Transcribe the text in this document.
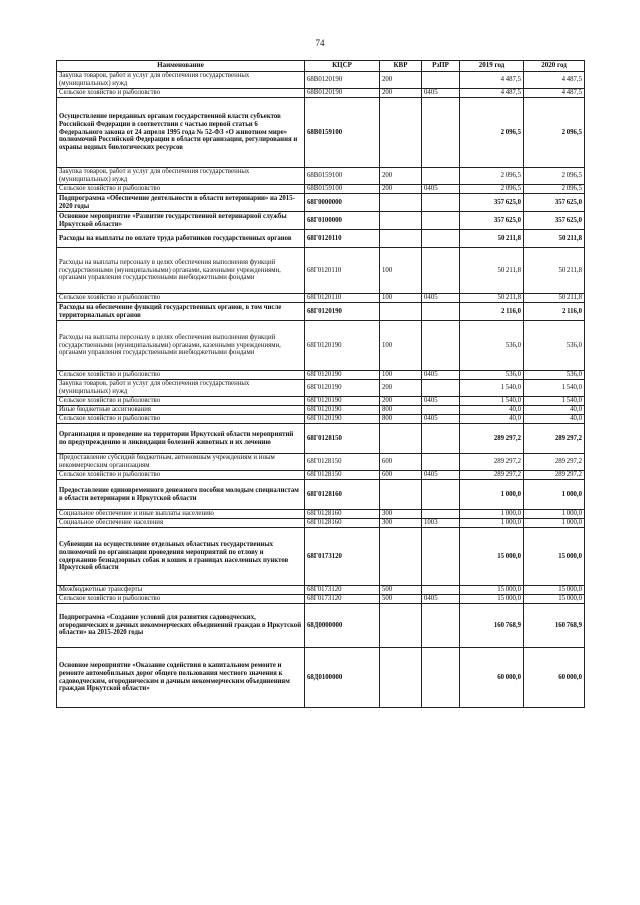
74
Наименование	КЦСР	КВР	РзПР	2019 год	2020 год
Закупка товаров, работ и услуг для обеспечения государственных (муниципальных) нужд	68В0120190	200		4 487,5	4 487,5
Сельское хозяйство и рыболовство	68В0120190	200	0405	4 487,5	4 487,5
Осуществление переданных органам государственной власти субъектов Российской Федерации в соответствии с частью первой статьи 6 Федерального закона от 24 апреля 1995 года № 52-ФЗ «О животном мире» полномочий Российской Федерации в области организации, регулирования и охраны водных биологических ресурсов	68В0159100			2 096,5	2 096,5
Закупка товаров, работ и услуг для обеспечения государственных (муниципальных) нужд	68В0159100	200		2 096,5	2 096,5
Сельское хозяйство и рыболовство	68В0159100	200	0405	2 096,5	2 096,5
Подпрограмма «Обеспечение деятельности в области ветеринарии» на 2015-2020 годы	68Г0000000			357 625,0	357 625,0
Основное мероприятие «Развитие государственной ветеринарной службы Иркутской области»	68Г0100000			357 625,0	357 625,0
Расходы на выплаты по оплате труда работников государственных органов	68Г0120110			50 211,8	50 211,8
Расходы на выплаты персоналу в целях обеспечения выполнения функций государственными (муниципальными) органами, казенными учреждениями, органами управления государственными внебюджетными фондами	68Г0120110	100		50 211,8	50 211,8
Сельское хозяйство и рыболовство	68Г0120110	100	0405	50 211,8	50 211,8
Расходы на обеспечение функций государственных органов, в том числе территориальных органов	68Г0120190			2 116,0	2 116,0
Расходы на выплаты персоналу в целях обеспечения выполнения функций государственными (муниципальными) органами, казенными учреждениями, органами управления государственными внебюджетными фондами	68Г0120190	100		536,0	536,0
Сельское хозяйство и рыболовство	68Г0120190	100	0405	536,0	536,0
Закупка товаров, работ и услуг для обеспечения государственных (муниципальных) нужд	68Г0120190	200		1 540,0	1 540,0
Сельское хозяйство и рыболовство	68Г0120190	200	0405	1 540,0	1 540,0
Иные бюджетные ассигнования	68Г0120190	800		40,0	40,0
Сельское хозяйство и рыболовство	68Г0120190	800	0405	40,0	40,0
Организация и проведение на территории Иркутской области мероприятий по предупреждению и ликвидации болезней животных и их лечению	68Г0128150			289 297,2	289 297,2
Предоставление субсидий бюджетным, автономным учреждениям и иным некоммерческим организациям	68Г0128150	600		289 297,2	289 297,2
Сельское хозяйство и рыболовство	68Г0128150	600	0405	289 297,2	289 297,2
Предоставление единовременного денежного пособия молодым специалистам в области ветеринарии в Иркутской области	68Г0128160			1 000,0	1 000,0
Социальное обеспечение и иные выплаты населению	68Г0128160	300		1 000,0	1 000,0
Социальное обеспечение населения	68Г0128160	300	1003	1 000,0	1 000,0
Субвенции на осуществление отдельных областных государственных полномочий по организации проведения мероприятий по отлову и содержанию безнадзорных собак и кошек в границах населенных пунктов Иркутской области	68Г0173120			15 000,0	15 000,0
Межбюджетные трансферты	68Г0173120	500		15 000,0	15 000,0
Сельское хозяйство и рыболовство	68Г0173120	500	0405	15 000,0	15 000,0
Подпрограмма «Создание условий для развития садоводческих, огороднических и дачных некоммерческих объединений граждан в Иркутской области» на 2015-2020 годы	68Д0000000			160 768,9	160 768,9
Основное мероприятие «Оказание содействия в капитальном ремонте и ремонте автомобильных дорог общего пользования местного значения к садоводческим, огородническим и дачным некоммерческим объединениям граждан Иркутской области»	68Д0100000			60 000,0	60 000,0
